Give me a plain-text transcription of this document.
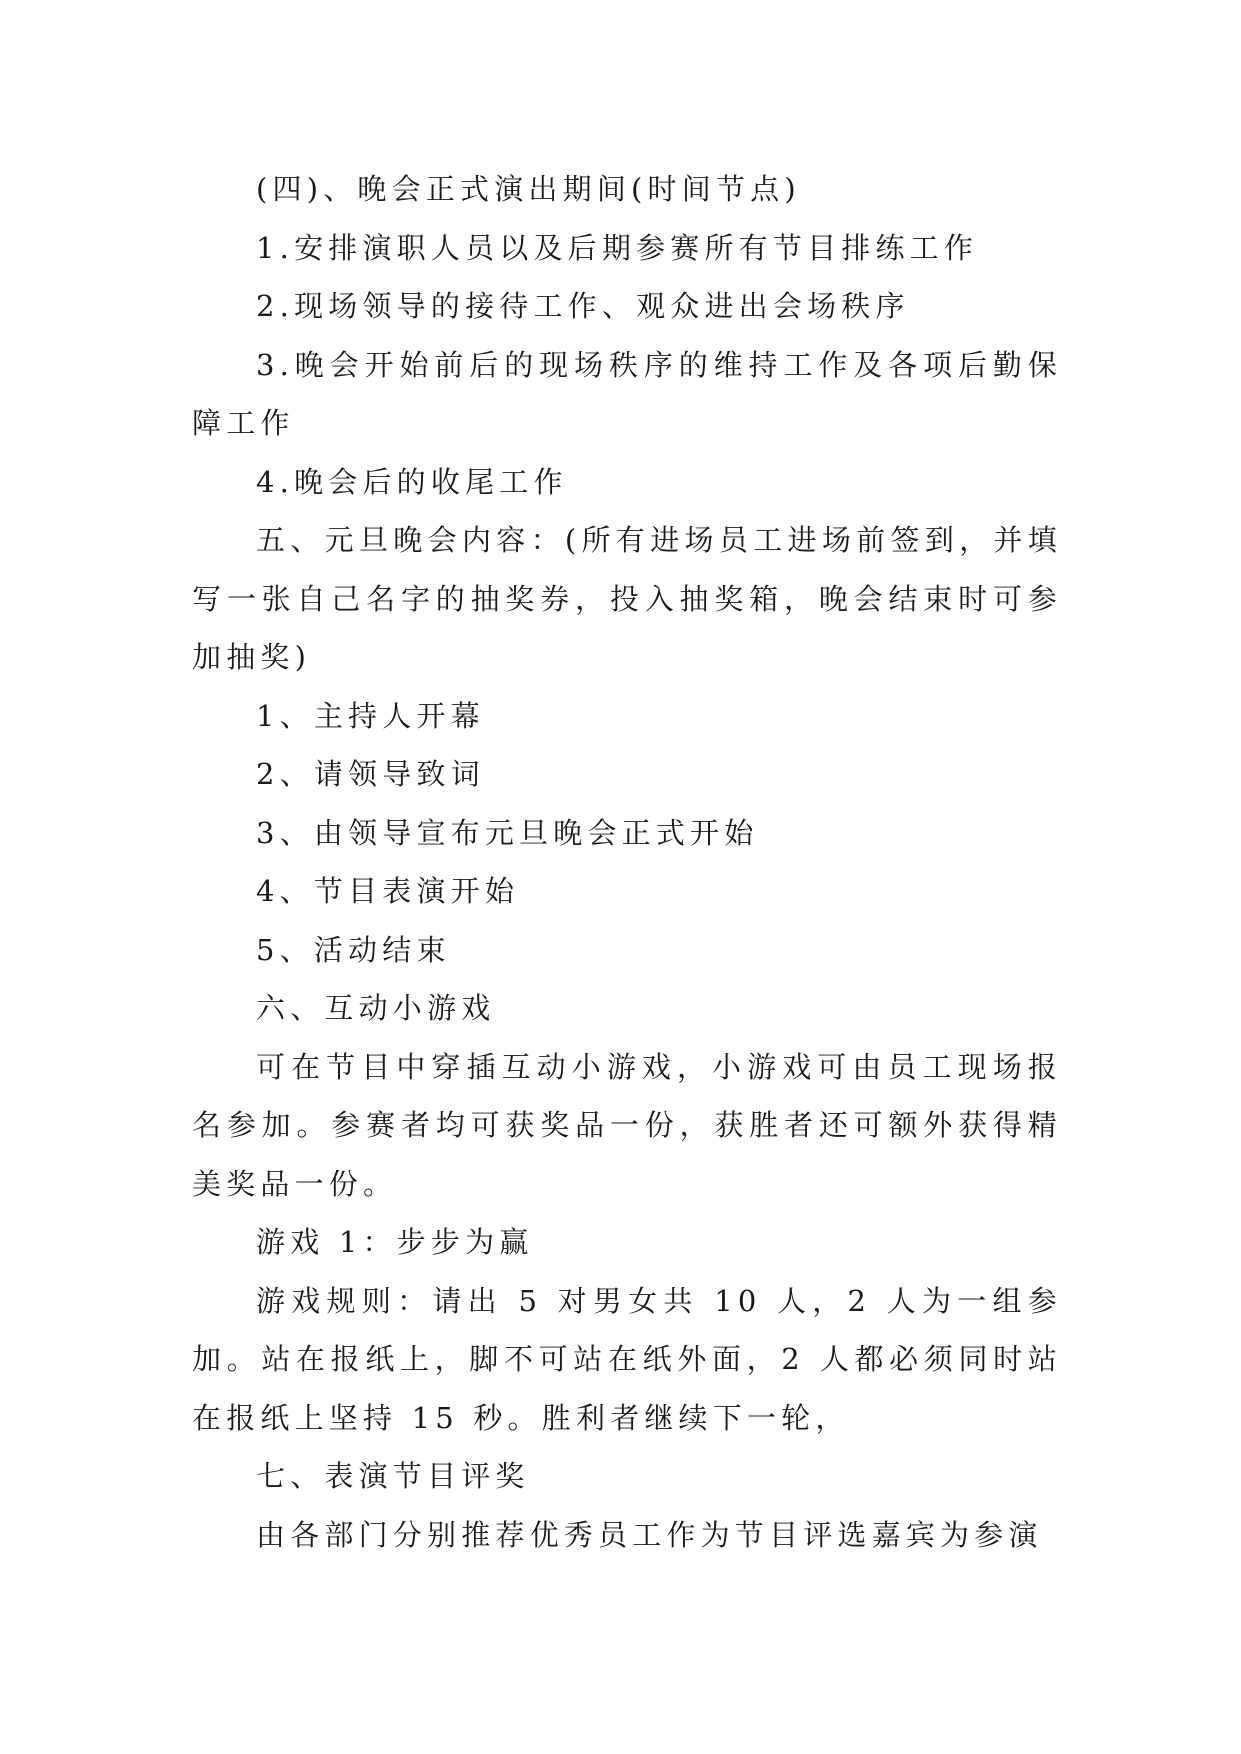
(四)、晚会正式演出期间(时间节点)

1.安排演职人员以及后期参赛所有节目排练工作

2.现场领导的接待工作、观众进出会场秩序

3.晚会开始前后的现场秩序的维持工作及各项后勤保障工作

4.晚会后的收尾工作

五、元旦晚会内容：(所有进场员工进场前签到，并填写一张自己名字的抽奖券，投入抽奖箱，晚会结束时可参加抽奖)

1、主持人开幕

2、请领导致词

3、由领导宣布元旦晚会正式开始

4、节目表演开始

5、活动结束

六、互动小游戏

可在节目中穿插互动小游戏，小游戏可由员工现场报名参加。参赛者均可获奖品一份，获胜者还可额外获得精美奖品一份。

游戏 1：步步为赢

游戏规则：请出 5 对男女共 10 人，2 人为一组参加。站在报纸上，脚不可站在纸外面，2 人都必须同时站在报纸上坚持 15 秒。胜利者继续下一轮，

七、表演节目评奖

由各部门分别推荐优秀员工作为节目评选嘉宾为参演
